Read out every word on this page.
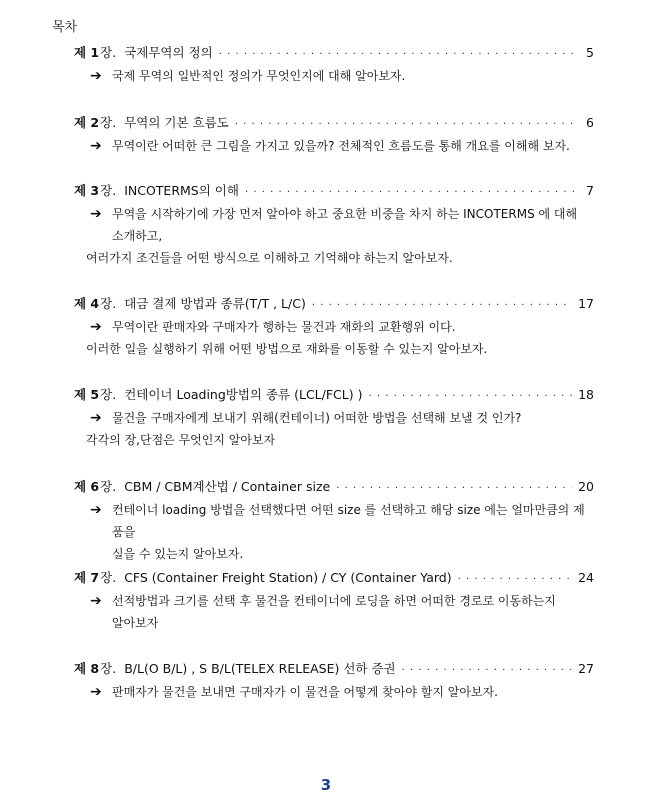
목차
제 1 장. 국제무역의 정의 ·····	5
➔ 국제 무역의 일반적인 정의가 무엇인지에 대해 알아보자.
제 2 장. 무역의 기본 흐름도 ·····	6
➔ 무역이란 어떠한 큰 그림을 가지고 있을까? 전체적인 흐름도를 통해 개요를 이해해 보자.
제 3 장. INCOTERMS의 이해 ·····	7
➔ 무역을 시작하기에 가장 먼저 알아야 하고 중요한 비중을 차지 하는 INCOTERMS 에 대해
소개하고,
여러가지 조건들을 어떤 방식으로 이해하고 기억해야 하는지 알아보자.
제 4 장. 대금 결제 방법과 종류(T/T , L/C) ·····	17
➔ 무역이란 판매자와 구매자가 행하는 물건과 재화의 교환행위 이다.
이러한 일을 실행하기 위해 어떤 방법으로 재화를 이동할 수 있는지 알아보자.
제 5 장. 컨테이너 Loading방법의 종류 (LCL/FCL) ) ·····	18
➔ 물건을 구매자에게 보내기 위해(컨테이너) 어떠한 방법을 선택해 보낼 것 인가?
각각의 장,단점은 무엇인지 알아보자
제 6 장. CBM / CBM계산법 / Container size ·····	20
➔ 컨테이너 loading 방법을 선택했다면 어떤 size 를 선택하고 해당 size 에는 얼마만큼의 제품을
실을 수 있는지 알아보자.
제 7 장. CFS (Container Freight Station) / CY (Container Yard) ·····	24
➔ 선적방법과 크기를 선택 후 물건을 컨테이너에 로딩을 하면 어떠한 경로로 이동하는지
알아보자
제 8 장. B/L(O B/L) , S B/L(TELEX RELEASE) 선하 증권 ·····	27
➔ 판매자가 물건을 보내면 구매자가 이 물건을 어떻게 찾아야 할지 알아보자.
3
